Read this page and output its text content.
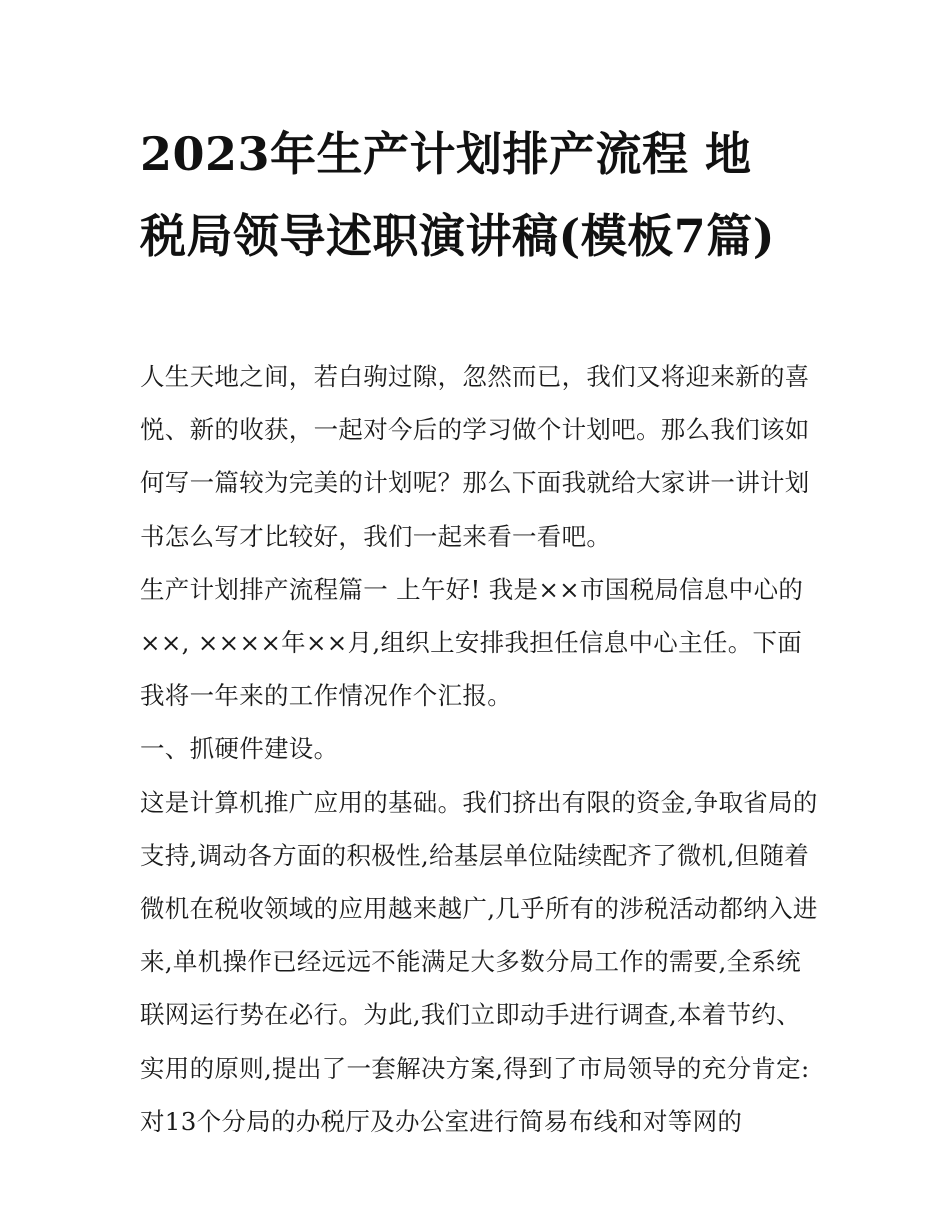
2023年生产计划排产流程 地税局领导述职演讲稿(模板7篇)

人生天地之间，若白驹过隙，忽然而已，我们又将迎来新的喜悦、新的收获，一起对今后的学习做个计划吧。那么我们该如何写一篇较为完美的计划呢？那么下面我就给大家讲一讲计划书怎么写才比较好，我们一起来看一看吧。

生产计划排产流程篇一 上午好! 我是××市国税局信息中心的××, ××××年××月,组织上安排我担任信息中心主任。下面我将一年来的工作情况作个汇报。

一、抓硬件建设。

这是计算机推广应用的基础。我们挤出有限的资金,争取省局的支持,调动各方面的积极性,给基层单位陆续配齐了微机,但随着微机在税收领域的应用越来越广,几乎所有的涉税活动都纳入进来,单机操作已经远远不能满足大多数分局工作的需要,全系统联网运行势在必行。为此,我们立即动手进行调查,本着节约、实用的原则,提出了一套解决方案,得到了市局领导的充分肯定:对13个分局的办税厅及办公室进行简易布线和对等网的
